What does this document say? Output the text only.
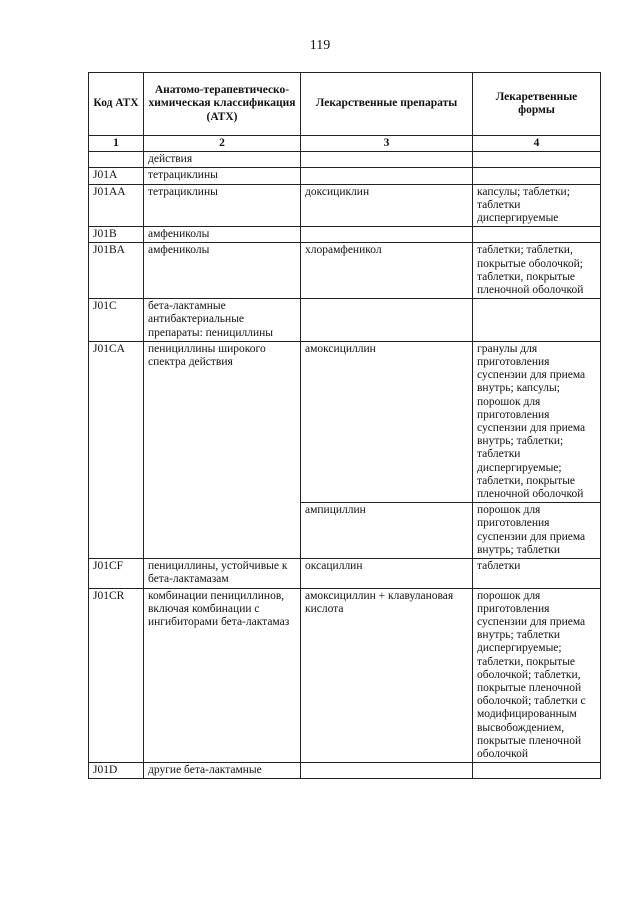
119
Код АТХ	Анатомо-терапевтическо-химическая классификация (АТХ)	Лекарственные препараты	Лекаретвенные формы
1	2	3	4
	действия		
J01A	тетрациклины		
J01AA	тетрациклины	доксициклин	капсулы; таблетки; таблетки диспергируемые
J01B	амфениколы		
J01BA	амфениколы	хлорамфеникол	таблетки; таблетки, покрытые оболочкой; таблетки, покрытые пленочной оболочкой
J01C	бета-лактамные антибактериальные препараты: пенициллины		
J01CA	пенициллины широкого спектра действия	амоксициллин	гранулы для приготовления суспензии для приема внутрь; капсулы; порошок для приготовления суспензии для приема внутрь; таблетки; таблетки диспергируемые; таблетки, покрытые пленочной оболочкой
		ампициллин	порошок для приготовления суспензии для приема внутрь; таблетки
J01CF	пенициллины, устойчивые к бета-лактамазам	оксациллин	таблетки
J01CR	комбинации пенициллинов, включая комбинации с ингибиторами бета-лактамаз	амоксициллин + клавулановая кислота	порошок для приготовления суспензии для приема внутрь; таблетки диспергируемые; таблетки, покрытые оболочкой; таблетки, покрытые пленочной оболочкой; таблетки с модифицированным высвобождением, покрытые пленочной оболочкой
J01D	другие бета-лактамные		
